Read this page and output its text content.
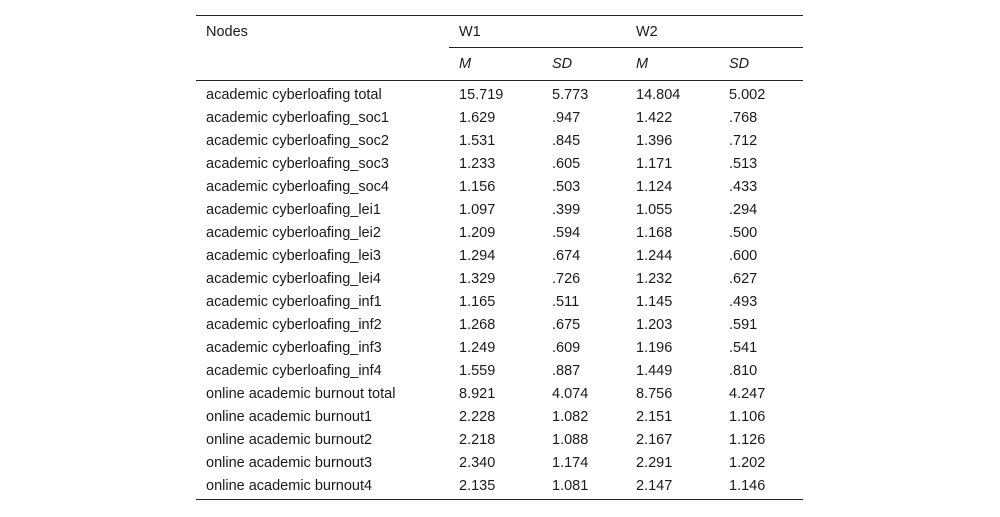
Nodes	W1		W2	
	M	SD	M	SD
academic cyberloafing total	15.719	5.773	14.804	5.002
academic cyberloafing_soc1	1.629	.947	1.422	.768
academic cyberloafing_soc2	1.531	.845	1.396	.712
academic cyberloafing_soc3	1.233	.605	1.171	.513
academic cyberloafing_soc4	1.156	.503	1.124	.433
academic cyberloafing_lei1	1.097	.399	1.055	.294
academic cyberloafing_lei2	1.209	.594	1.168	.500
academic cyberloafing_lei3	1.294	.674	1.244	.600
academic cyberloafing_lei4	1.329	.726	1.232	.627
academic cyberloafing_inf1	1.165	.511	1.145	.493
academic cyberloafing_inf2	1.268	.675	1.203	.591
academic cyberloafing_inf3	1.249	.609	1.196	.541
academic cyberloafing_inf4	1.559	.887	1.449	.810
online academic burnout total	8.921	4.074	8.756	4.247
online academic burnout1	2.228	1.082	2.151	1.106
online academic burnout2	2.218	1.088	2.167	1.126
online academic burnout3	2.340	1.174	2.291	1.202
online academic burnout4	2.135	1.081	2.147	1.146
